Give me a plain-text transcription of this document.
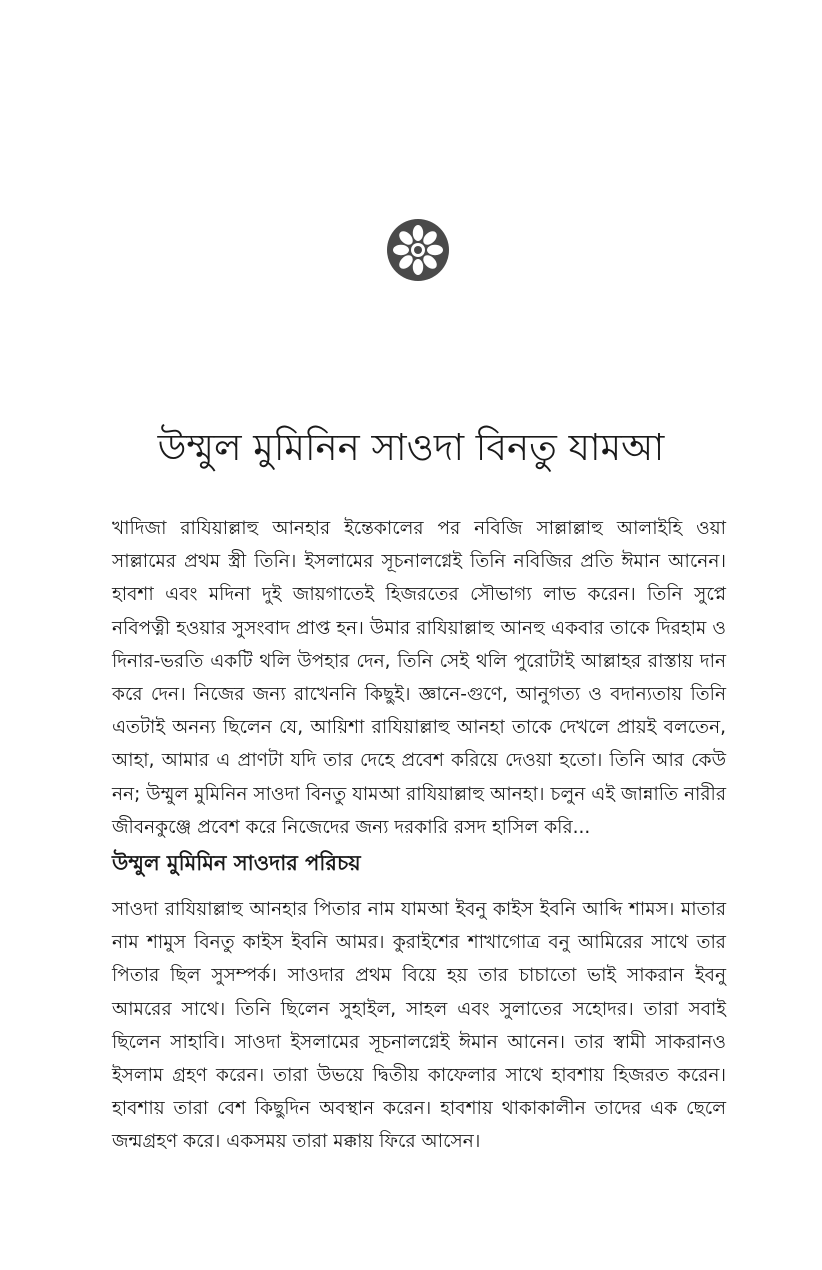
উম্মুল মুমিনিন সাওদা বিনতু যামআ

খাদিজা রাযিয়াল্লাহু আনহার ইন্তেকালের পর নবিজি সাল্লাল্লাহু আলাইহি ওয়া সাল্লামের প্রথম স্ত্রী তিনি। ইসলামের সূচনালগ্নেই তিনি নবিজির প্রতি ঈমান আনেন। হাবশা এবং মদিনা দুই জায়গাতেই হিজরতের সৌভাগ্য লাভ করেন। তিনি সুপ্নে নবিপত্নী হওয়ার সুসংবাদ প্রাপ্ত হন। উমার রাযিয়াল্লাহু আনহু একবার তাকে দিরহাম ও দিনার-ভরতি একটি থলি উপহার দেন, তিনি সেই থলি পুরোটাই আল্লাহর রাস্তায় দান করে দেন। নিজের জন্য রাখেননি কিছুই। জ্ঞানে-গুণে, আনুগত্য ও বদান্যতায় তিনি এতটাই অনন্য ছিলেন যে, আয়িশা রাযিয়াল্লাহু আনহা তাকে দেখলে প্রায়ই বলতেন, আহা, আমার এ প্রাণটা যদি তার দেহে প্রবেশ করিয়ে দেওয়া হতো। তিনি আর কেউ নন; উম্মুল মুমিনিন সাওদা বিনতু যামআ রাযিয়াল্লাহু আনহা। চলুন এই জান্নাতি নারীর জীবনকুঞ্জে প্রবেশ করে নিজেদের জন্য দরকারি রসদ হাসিল করি...

উম্মুল মুমিমিন সাওদার পরিচয়

সাওদা রাযিয়াল্লাহু আনহার পিতার নাম যামআ ইবনু কাইস ইবনি আব্দি শামস। মাতার নাম শামুস বিনতু কাইস ইবনি আমর। কুরাইশের শাখাগোত্র বনু আমিরের সাথে তার পিতার ছিল সুসম্পর্ক। সাওদার প্রথম বিয়ে হয় তার চাচাতো ভাই সাকরান ইবনু আমরের সাথে। তিনি ছিলেন সুহাইল, সাহল এবং সুলাতের সহোদর। তারা সবাই ছিলেন সাহাবি। সাওদা ইসলামের সূচনালগ্নেই ঈমান আনেন। তার স্বামী সাকরানও ইসলাম গ্রহণ করেন। তারা উভয়ে দ্বিতীয় কাফেলার সাথে হাবশায় হিজরত করেন। হাবশায় তারা বেশ কিছুদিন অবস্থান করেন। হাবশায় থাকাকালীন তাদের এক ছেলে জন্মগ্রহণ করে। একসময় তারা মক্কায় ফিরে আসেন।
